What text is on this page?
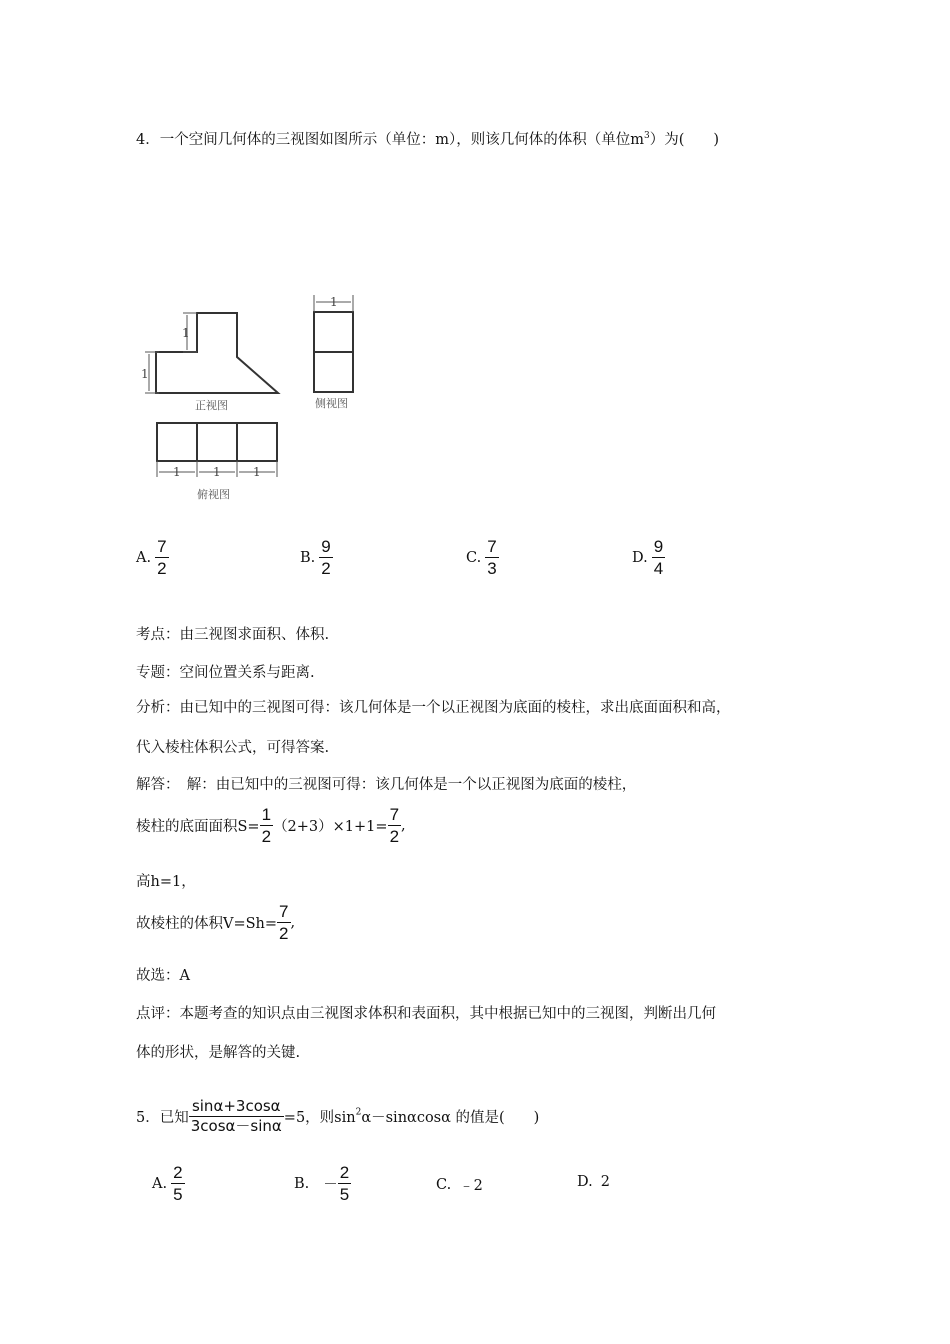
4．一个空间几何体的三视图如图所示（单位：m），则该几何体的体积（单位$m^3$）为(　　)
1
1
1
1	1	1
正视图	侧视图
俯视图
A. $\frac{7}{2}$	B. $\frac{9}{2}$	C. $\frac{7}{3}$	D. $\frac{9}{4}$
考点：由三视图求面积、体积.
专题：空间位置关系与距离.
分析：由已知中的三视图可得：该几何体是一个以正视图为底面的棱柱，求出底面面积和高，
代入棱柱体积公式，可得答案.
解答：　解：由已知中的三视图可得：该几何体是一个以正视图为底面的棱柱，
棱柱的底面面积$S= \frac{1}{2} (2+3)\times 1+1= \frac{7}{2}$ ,
高h=1，
故棱柱的体积$V=Sh= \frac{7}{2}$ ,
故选：A
点评：本题考查的知识点由三视图求体积和表面积，其中根据已知中的三视图，判断出几何
体的形状，是解答的关键.
5．已知 $\frac{\sin\alpha+3\cos\alpha}{3\cos\alpha-\sin\alpha} =5$，则$\sin^2\alpha-\sin\alpha\cos\alpha$ 的值是(　　)
A. $\frac{2}{5}$	B. － $\frac{2}{5}$	C. ﹣2	D. 2
